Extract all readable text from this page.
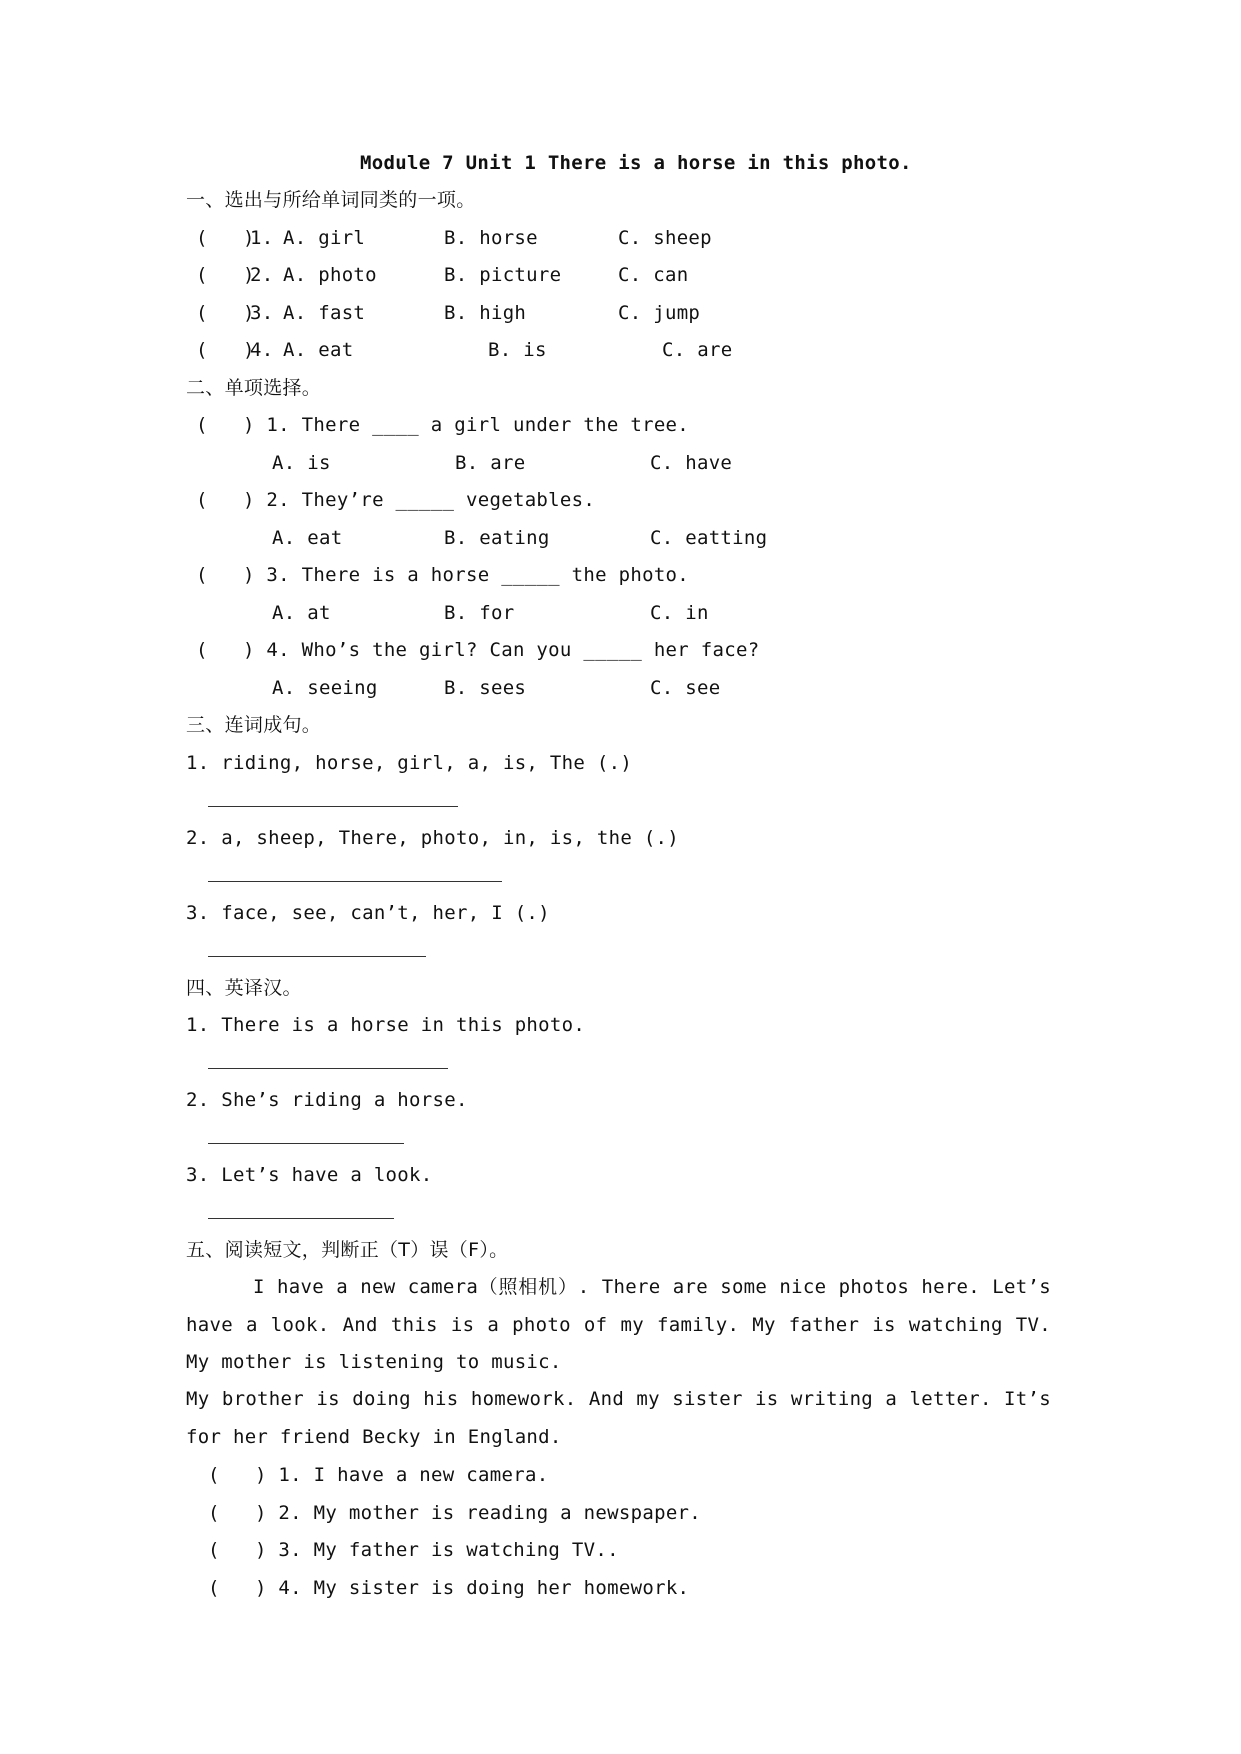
Module 7 Unit 1 There is a horse in this photo.
一、选出与所给单词同类的一项。
(   )
1. A. girl	B. horse	C. sheep
(   )
2. A. photo	B. picture	C. can
(   )
3. A. fast	B. high	C. jump
(   )
4. A. eat	B. is	C. are
二、单项选择。
(   ) 1. There ____ a girl under the tree.
A. is	B. are	C. have
(   ) 2. They’re _____ vegetables.
A. eat	B. eating	C. eatting
(   ) 3. There is a horse _____ the photo.
A. at	B. for	C. in
(   ) 4. Who’s the girl? Can you _____ her face?
A. seeing	B. sees	C. see
三、连词成句。
1. riding, horse, girl, a, is, The (.)
2. a, sheep, There, photo, in, is, the (.)
3. face, see, can’t, her, I (.)
四、英译汉。
1. There is a horse in this photo.
2. She’s riding a horse.
3. Let’s have a look.
五、阅读短文，判断正（T）误（F）。
I have a new camera（照相机）. There are some nice photos here. Let’s have a look. And this is a photo of my family. My father is watching TV. My mother is listening to music.
My brother is doing his homework. And my sister is writing a letter. It’s for her friend Becky in England.
(   ) 1. I have a new camera.
(   ) 2. My mother is reading a newspaper.
(   ) 3. My father is watching TV..
(   ) 4. My sister is doing her homework.
